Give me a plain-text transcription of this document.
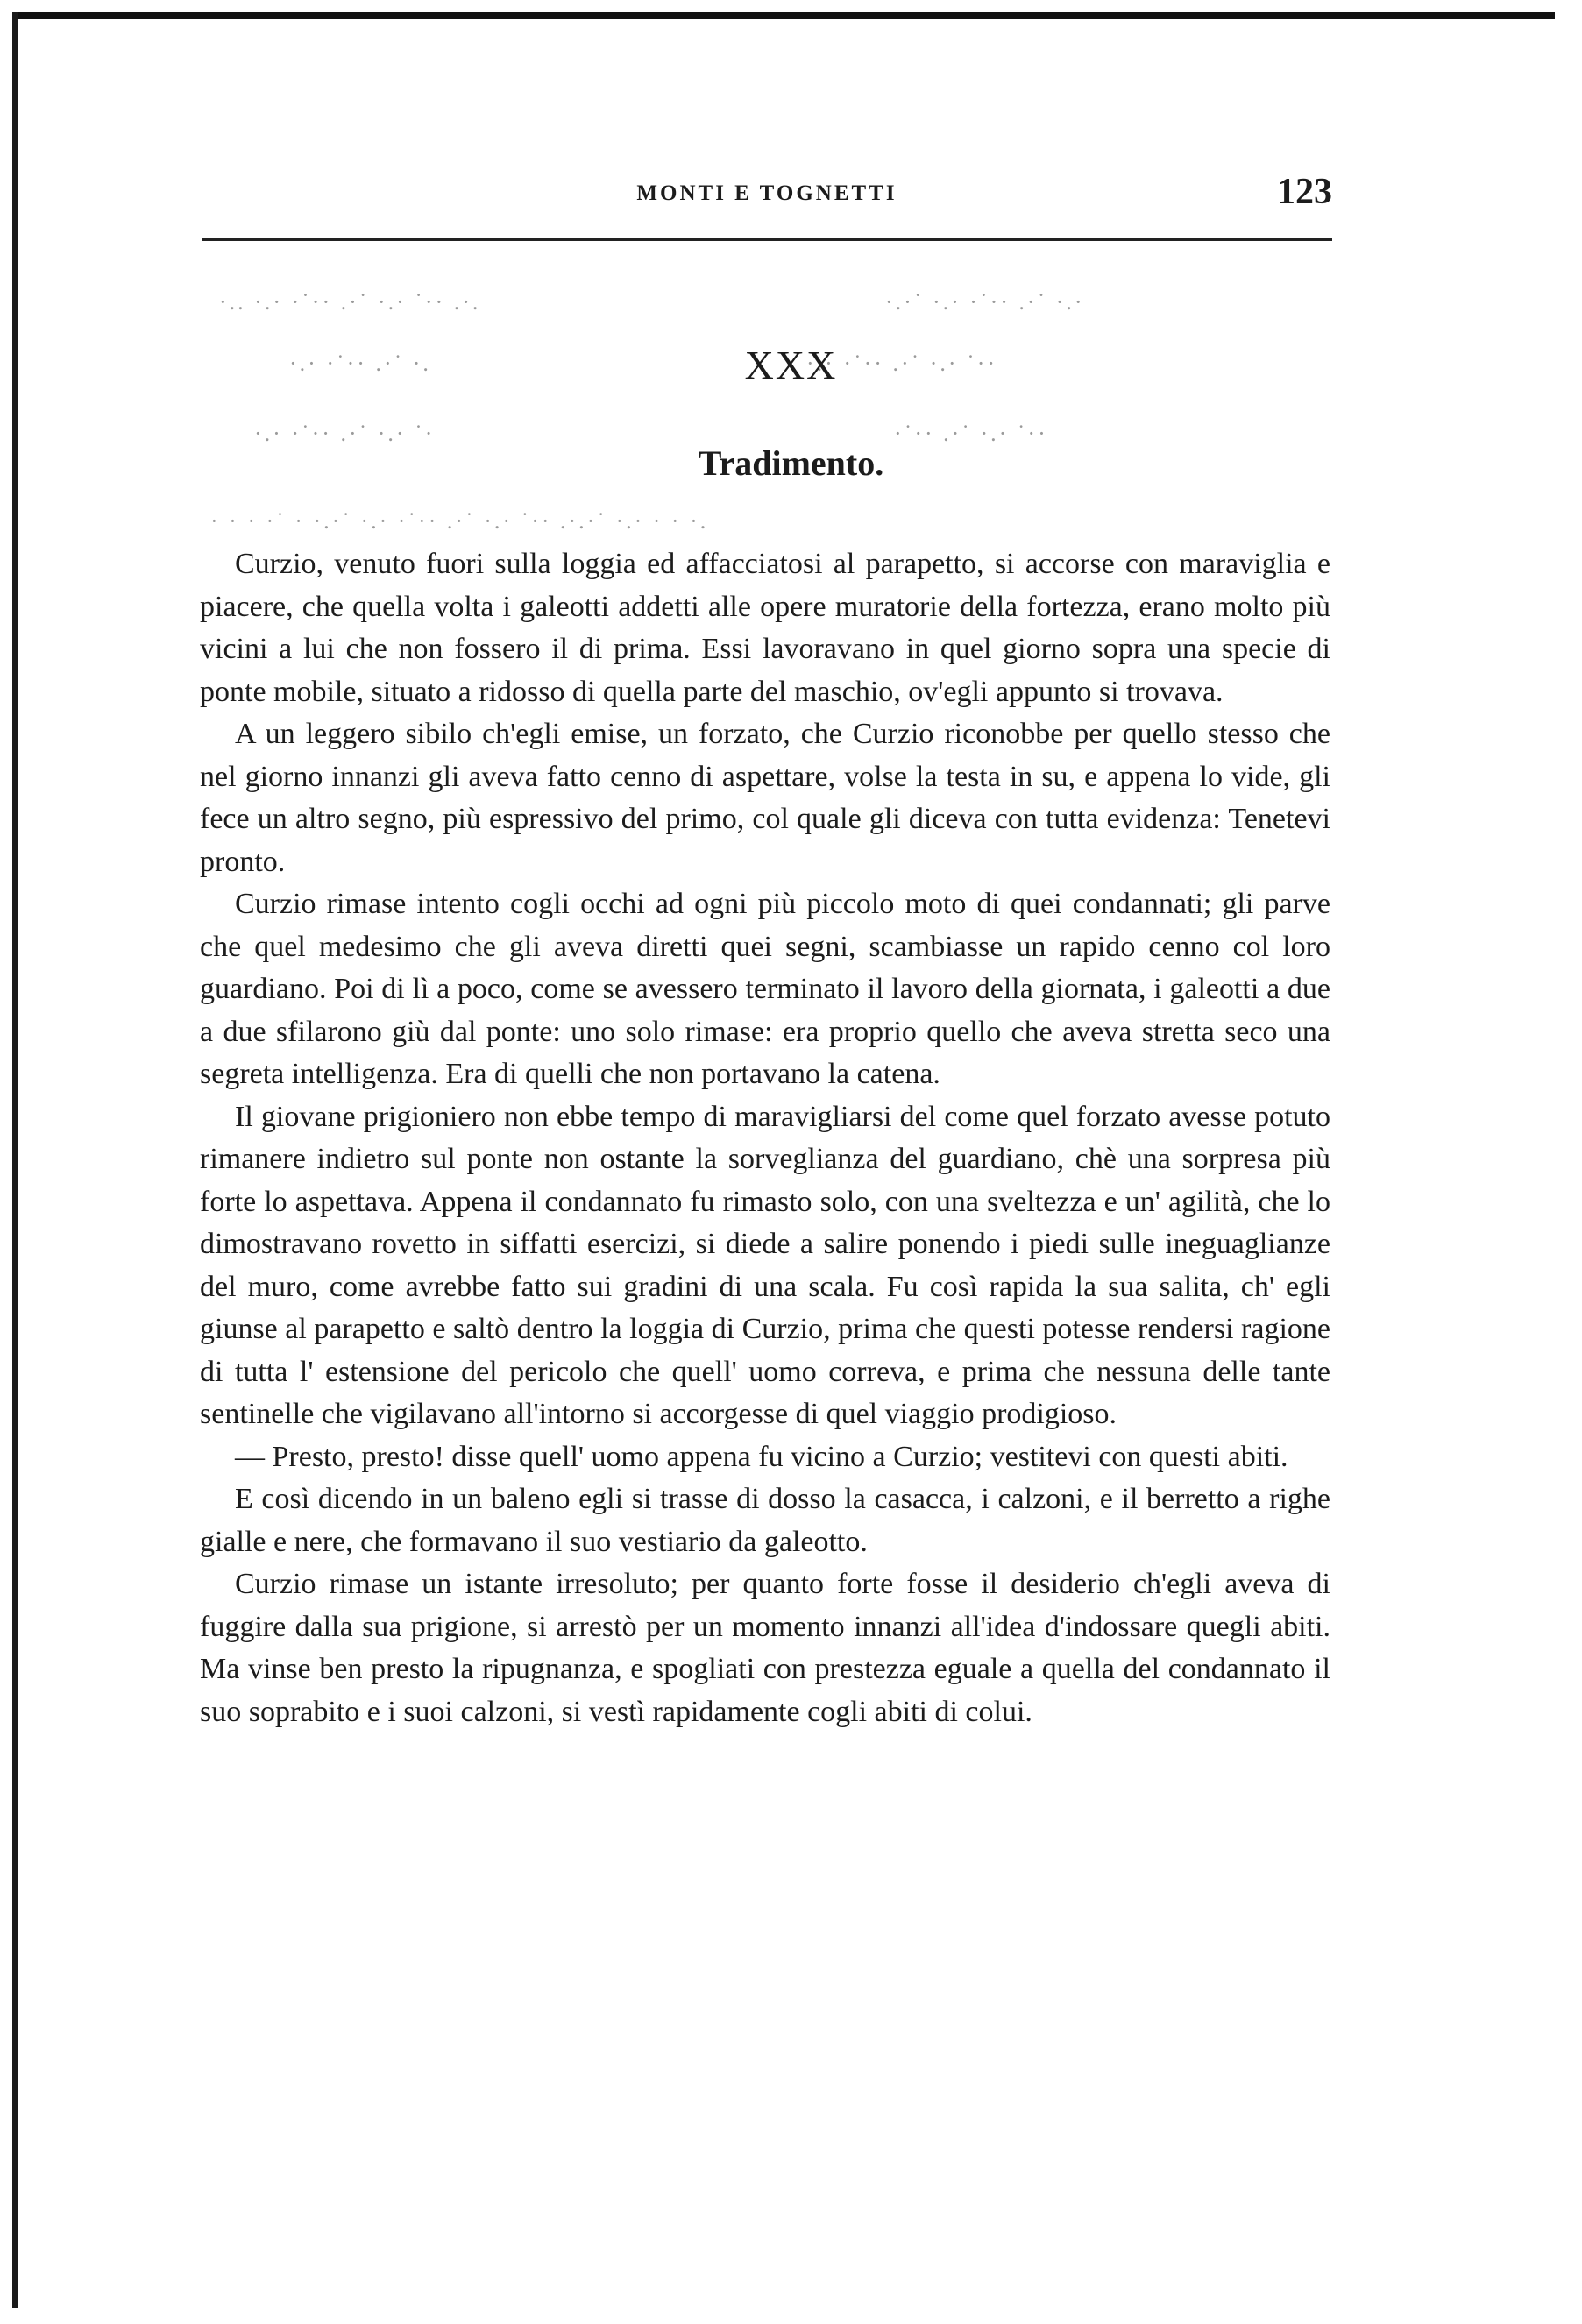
MONTI E TOGNETTI	123
·.. ·.· ·˙·· .·˙ ·.· ˙·· .·.	·.·˙ ·.· ·˙·· .·˙ ·.·
·.· ·˙·· .·˙ ·.	·.· ·˙·· .·˙ ·.· ˙··
·.· ·˙·· .·˙ ·.· ˙·	·˙·· .·˙ ·.· ˙··
· · · ·˙ · ·.·˙ ·.· ·˙·· .·˙ ·.· ˙·· .·.·˙ ·.· · · ·.
XXX
Tradimento.

Curzio, venuto fuori sulla loggia ed affacciatosi al parapetto, si accorse con maraviglia e piacere, che quella volta i galeotti addetti alle opere muratorie della fortezza, erano molto più vicini a lui che non fossero il di prima. Essi lavoravano in quel giorno sopra una specie di ponte mobile, situato a ridosso di quella parte del maschio, ov'egli appunto si trovava.

A un leggero sibilo ch'egli emise, un forzato, che Curzio riconobbe per quello stesso che nel giorno innanzi gli aveva fatto cenno di aspettare, volse la testa in su, e appena lo vide, gli fece un altro segno, più espressivo del primo, col quale gli diceva con tutta evidenza: Tenetevi pronto.

Curzio rimase intento cogli occhi ad ogni più piccolo moto di quei condannati; gli parve che quel medesimo che gli aveva diretti quei segni, scambiasse un rapido cenno col loro guardiano. Poi di lì a poco, come se avessero terminato il lavoro della giornata, i galeotti a due a due sfilarono giù dal ponte: uno solo rimase: era proprio quello che aveva stretta seco una segreta intelligenza. Era di quelli che non portavano la catena.

Il giovane prigioniero non ebbe tempo di maravigliarsi del come quel forzato avesse potuto rimanere indietro sul ponte non ostante la sorveglianza del guardiano, chè una sorpresa più forte lo aspettava. Appena il condannato fu rimasto solo, con una sveltezza e un' agilità, che lo dimostravano rovetto in siffatti esercizi, si diede a salire ponendo i piedi sulle ineguaglianze del muro, come avrebbe fatto sui gradini di una scala. Fu così rapida la sua salita, ch' egli giunse al parapetto e saltò dentro la loggia di Curzio, prima che questi potesse rendersi ragione di tutta l' estensione del pericolo che quell' uomo correva, e prima che nessuna delle tante sentinelle che vigilavano all'intorno si accorgesse di quel viaggio prodigioso.

— Presto, presto! disse quell' uomo appena fu vicino a Curzio; vestitevi con questi abiti.

E così dicendo in un baleno egli si trasse di dosso la casacca, i calzoni, e il berretto a righe gialle e nere, che formavano il suo vestiario da galeotto.

Curzio rimase un istante irresoluto; per quanto forte fosse il desiderio ch'egli aveva di fuggire dalla sua prigione, si arrestò per un momento innanzi all'idea d'indossare quegli abiti. Ma vinse ben presto la ripugnanza, e spogliati con prestezza eguale a quella del condannato il suo soprabito e i suoi calzoni, si vestì rapidamente cogli abiti di colui.
